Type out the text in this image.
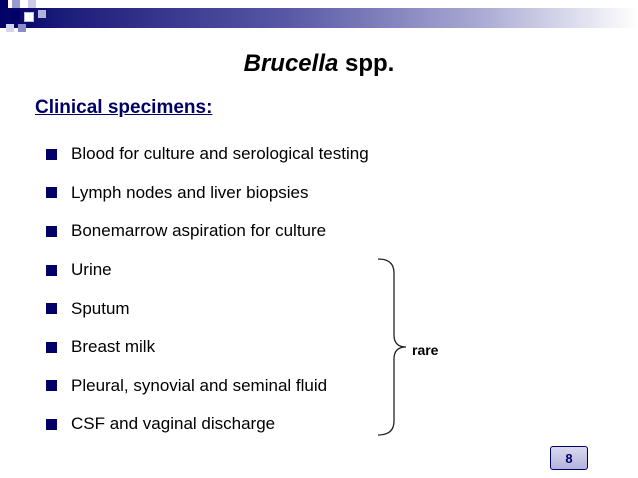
Brucella spp.
Clinical specimens:
Blood for culture and serological testing
Lymph nodes and liver biopsies
Bonemarrow aspiration for culture
Urine
Sputum
Breast milk
Pleural, synovial and seminal fluid
CSF and vaginal discharge
rare
8
